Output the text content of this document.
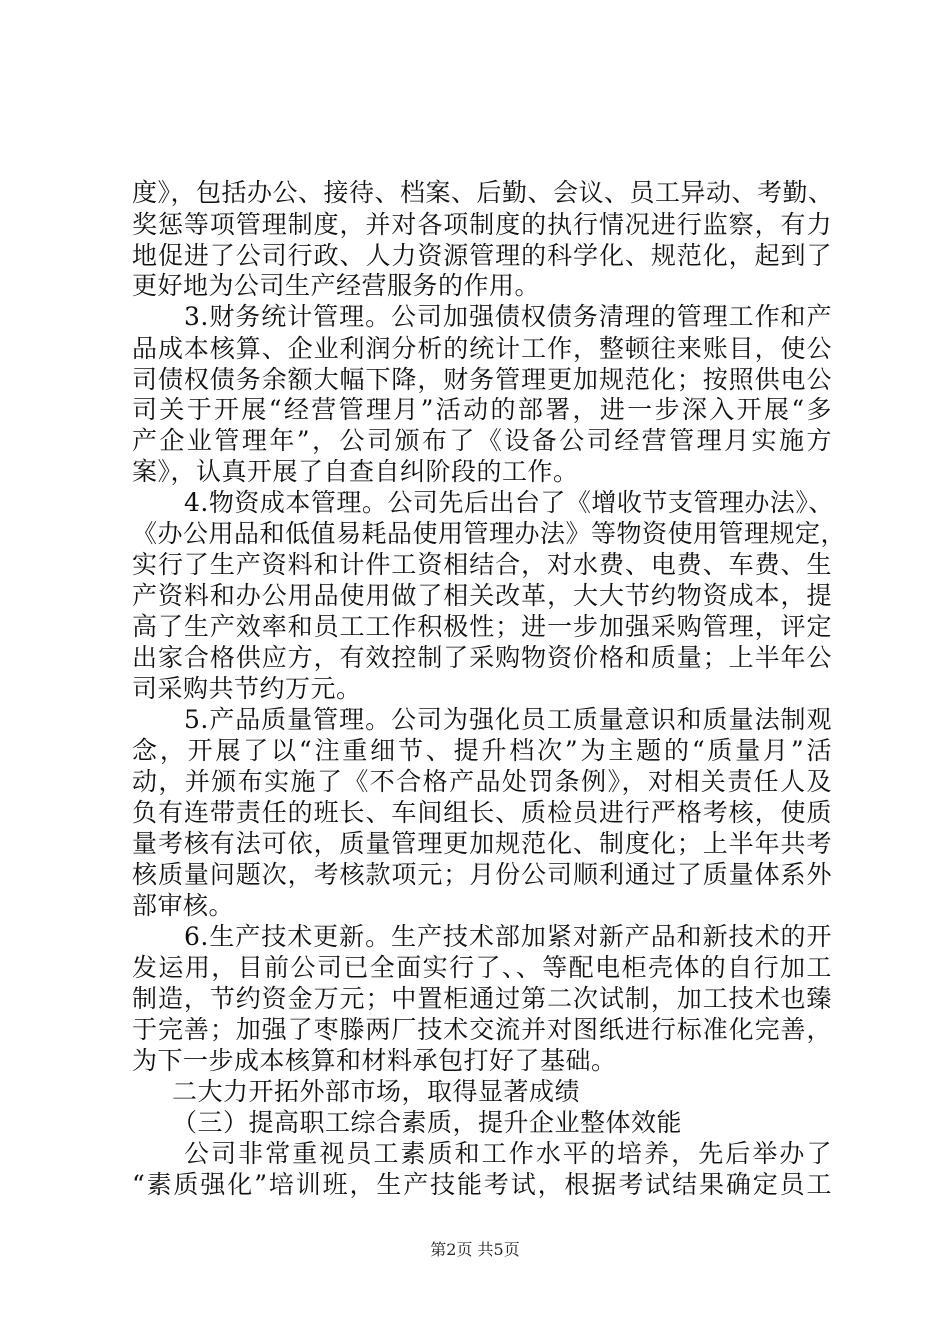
度》，包括办公、接待、档案、后勤、会议、员工异动、考勤、
奖惩等项管理制度，并对各项制度的执行情况进行监察，有力
地促进了公司行政、人力资源管理的科学化、规范化，起到了
更好地为公司生产经营服务的作用。
3.财务统计管理。公司加强债权债务清理的管理工作和产
品成本核算、企业利润分析的统计工作，整顿往来账目，使公
司债权债务余额大幅下降，财务管理更加规范化；按照供电公
司关于开展“经营管理月”活动的部署，进一步深入开展“多
产企业管理年”，公司颁布了《设备公司经营管理月实施方
案》，认真开展了自查自纠阶段的工作。
4.物资成本管理。公司先后出台了《增收节支管理办法》、
《办公用品和低值易耗品使用管理办法》等物资使用管理规定，
实行了生产资料和计件工资相结合，对水费、电费、车费、生
产资料和办公用品使用做了相关改革，大大节约物资成本，提
高了生产效率和员工工作积极性；进一步加强采购管理，评定
出家合格供应方，有效控制了采购物资价格和质量；上半年公
司采购共节约万元。
5.产品质量管理。公司为强化员工质量意识和质量法制观
念，开展了以“注重细节、提升档次”为主题的“质量月”活
动，并颁布实施了《不合格产品处罚条例》，对相关责任人及
负有连带责任的班长、车间组长、质检员进行严格考核，使质
量考核有法可依，质量管理更加规范化、制度化；上半年共考
核质量问题次，考核款项元；月份公司顺利通过了质量体系外
部审核。
6.生产技术更新。生产技术部加紧对新产品和新技术的开
发运用，目前公司已全面实行了、、等配电柜壳体的自行加工
制造，节约资金万元；中置柜通过第二次试制，加工技术也臻
于完善；加强了枣滕两厂技术交流并对图纸进行标准化完善，
为下一步成本核算和材料承包打好了基础。
二大力开拓外部市场，取得显著成绩
（三）提高职工综合素质，提升企业整体效能
公司非常重视员工素质和工作水平的培养，先后举办了
“素质强化”培训班，生产技能考试，根据考试结果确定员工
第2页 共5页
